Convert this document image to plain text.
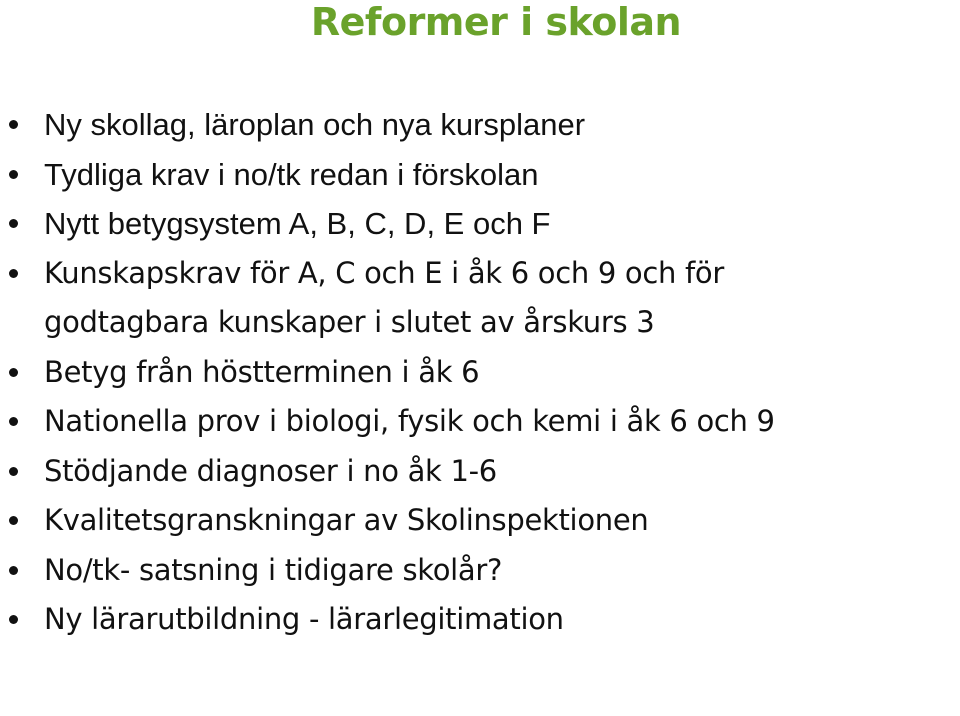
Reformer i skolan
Ny skollag, läroplan och nya kursplaner
Tydliga krav i no/tk redan i förskolan
Nytt betygsystem A, B, C, D, E och F
Kunskapskrav för A, C och E i åk 6 och 9 och för
godtagbara kunskaper i slutet av årskurs 3
Betyg från höstterminen i åk 6
Nationella prov i biologi, fysik och kemi i åk 6 och 9
Stödjande diagnoser i no åk 1-6
Kvalitetsgranskningar av Skolinspektionen
No/tk- satsning i tidigare skolår?
Ny lärarutbildning - lärarlegitimation
